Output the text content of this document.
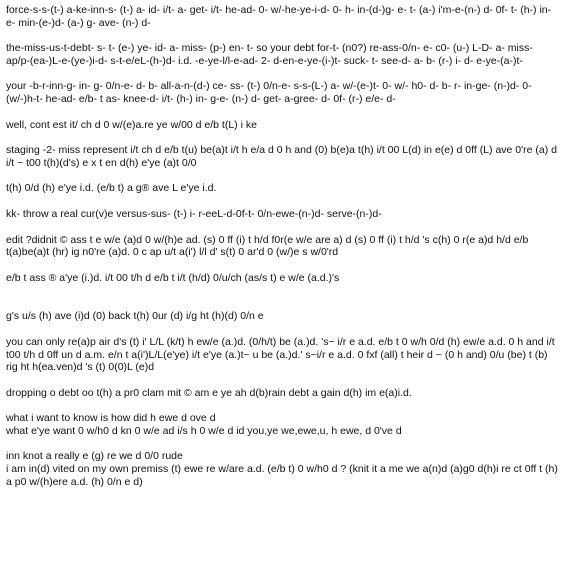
force-s-s-(t-) a-ke-inn-s- (t-) a- id- i/t- a- get- i/t- he-ad- 0- w/-he-ye-i-d- 0- h- in-(d-)g- e- t- (a-) i'm-e-(n-) d- 0f- t- (h-) in-e- min-(e-)d- (a-) g- ave- (n-) d-

the-miss-us-t-debt- s- t- (e-) ye- id- a- miss- (p-) en- t- so your debt for-t- (n0?) re-ass-0/n- e- c0- (u-) L-D- a- miss- ap/p-(ea-)L-e-(ye-)i-d- s-t-e/eL-(h-)d- i.d. -e-ye-l/l-e-ad- 2- d-en-e-ye-(i-)t- suck- t- see-d- a- b- (r-) i- d- e-ye-(a-)t-

your -b-r-inn-g- in- g- 0/n-e- d- b- all-a-n-(d-) ce- ss- (t-) 0/n-e- s-s-(L-) a- w/-(e-)t- 0- w/- h0- d- b- r- in-ge- (n-)d- 0- (w/-)h-t- he-ad- e/b- t as- knee-d- i/t- (h-) in- g-e- (n-) d- get- a-gree- d- 0f- (r-) e/e- d-

well, cont est it/ ch d 0 w/(e)a.re ye w/00 d e/b t(L) i ke

staging -2- miss represent i/t ch d e/b t(u) be(a)t i/t h e/a d 0 h and (0) b(e)a t(h) i/t 00 L(d) in e(e) d 0ff (L) ave 0're (a) d i/t ~ t00 t(h)(d's) e x t en d(h) e'ye (a)t 0/0

t(h) 0/d (h) e'ye i.d. (e/b t) a g® ave L e'ye i.d.

kk- throw a real cur(v)e versus-sus- (t-) i- r-eeL-d-0f-t- 0/n-ewe-(n-)d- serve-(n-)d-

edit ?didnit © ass t e w/e (a)d 0 w/(h)e ad. (s) 0 ff (i) t h/d f0r(e w/e are a) d (s) 0 ff (i) t h/d 's c(h) 0 r(e a)d h/d e/b t(a)be(a)t (hr) ig n0're (a)d. 0 c ap u/t a(i') l/l d' s(t) 0 ar'd 0 (w/)e s w/0'rd

e/b t ass ® a'ye (i.)d. i/t 00 t/h d e/b t i/t (h/d) 0/u/ch (as/s t) e w/e (a.d.)'s

g's u/s (h) ave (i)d (0) back t(h) 0ur (d) i/g ht (h)(d) 0/n e

you can only re(a)p air d's (t) i' L/L (k/t) h ew/e (a.)d. (0/h/t) be (a.)d. 's~ i/r e a.d. e/b t 0 w/h 0/d (h) ew/e a.d. 0 h and i/t t00 t/h d 0ff un d a.m. e/n t a(i')L/L(e'ye) i/t e'ye (a.)t~ u be (a.)d.' s~i/r e a.d. 0 fxf (all) t heir d ~ (0 h and) 0/u (be) t (b) rig ht h(ea.ven)d 's (t) 0(0)L (e)d

dropping o debt oo t(h) a pr0 clam mit © am e ye ah d(b)rain debt a gain d(h) im e(a)i.d.

what i want to know is how did h ewe d ove d
what e'ye want 0 w/h0 d kn 0 w/e ad i/s h 0 w/e d id you,ye we,ewe,u, h ewe, d 0've d

inn knot a really e (g) re we d 0/0 rude
i am in(d) vited on my own premiss (t) ewe re w/are a.d. (e/b t) 0 w/h0 d ? (knit it a me we a(n)d (a)g0 d(h)i re ct 0ff t (h) a p0 w/(h)ere a.d. (h) 0/n e d)
